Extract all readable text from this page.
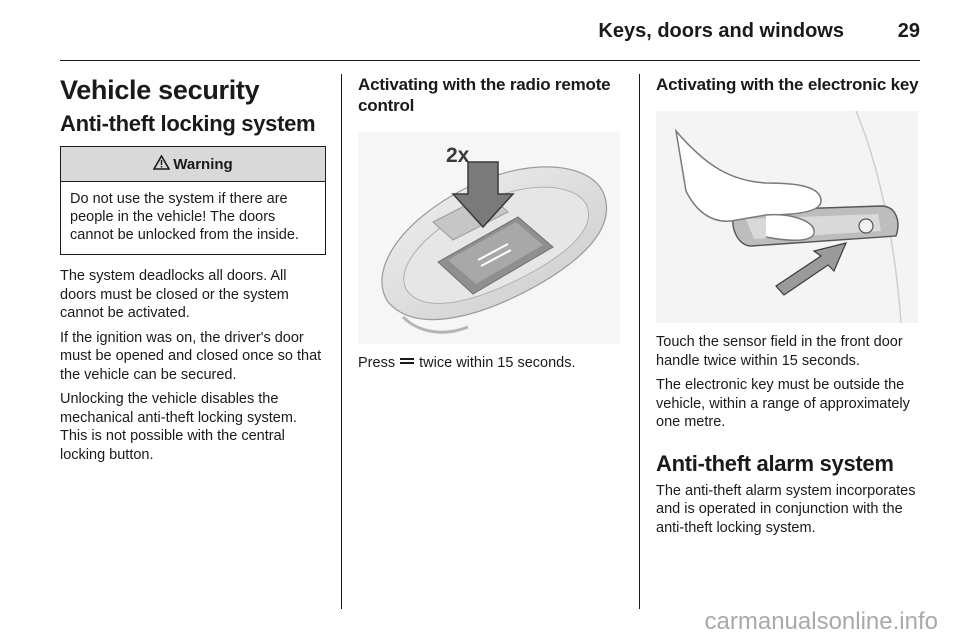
Keys, doors and windows	29
Vehicle security
Anti-theft locking system
Warning
Do not use the system if there are people in the vehicle! The doors cannot be unlocked from the inside.

The system deadlocks all doors. All doors must be closed or the system cannot be activated.

If the ignition was on, the driver's door must be opened and closed once so that the vehicle can be secured.

Unlocking the vehicle disables the mechanical anti-theft locking system. This is not possible with the central locking button.

Activating with the radio remote control
2x

Press twice within 15 seconds.

Activating with the electronic key

Touch the sensor field in the front door handle twice within 15 seconds.

The electronic key must be outside the vehicle, within a range of approximately one metre.

Anti-theft alarm system

The anti-theft alarm system incorporates and is operated in conjunction with the anti-theft locking system.

carmanualsonline.info
